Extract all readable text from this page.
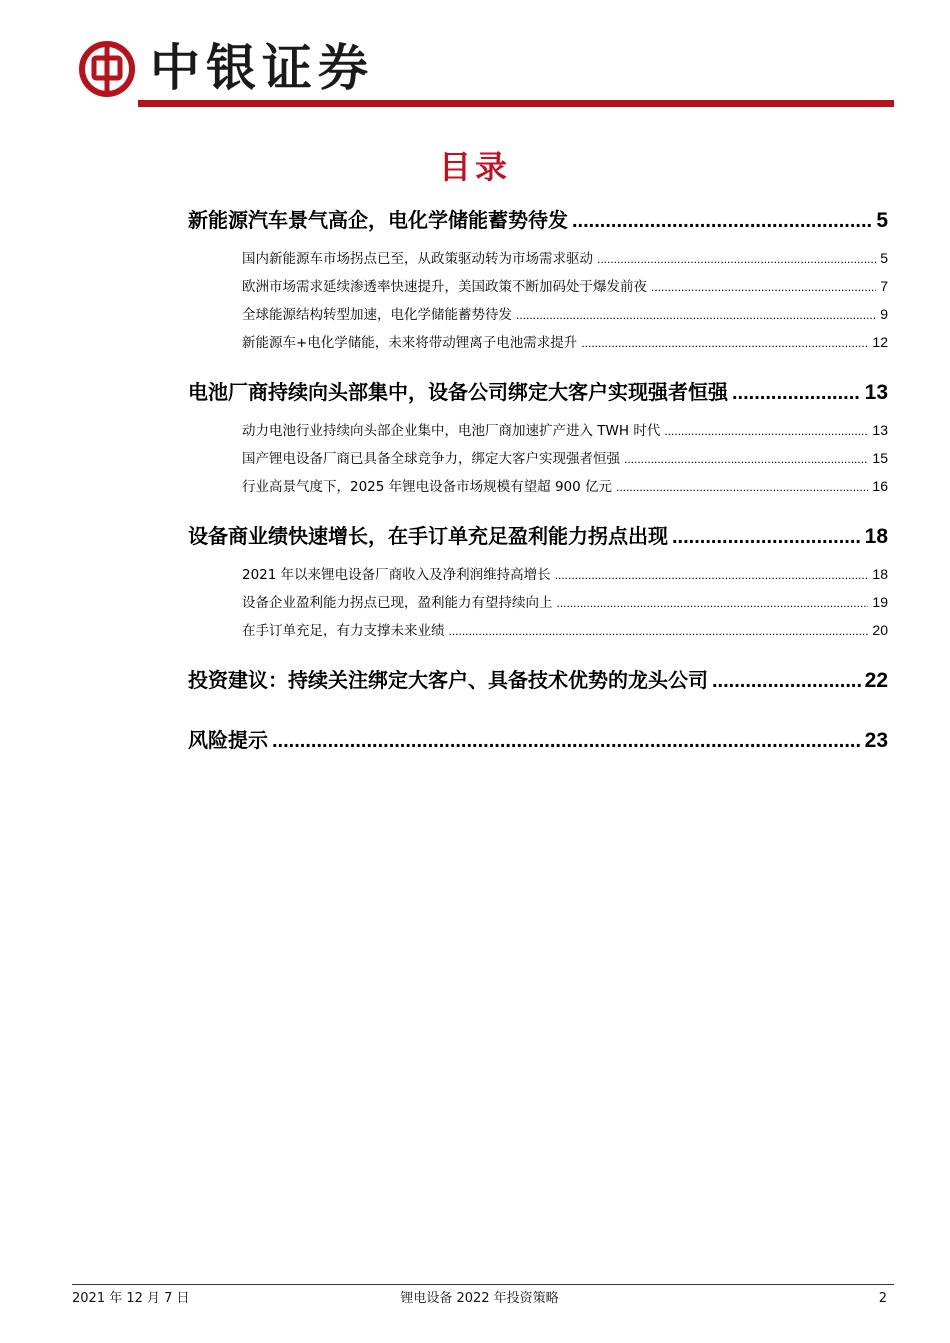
中银证券
目录
新能源汽车景气高企，电化学储能蓄势待发 .....	5
国内新能源车市场拐点已至，从政策驱动转为市场需求驱动 .....	5
欧洲市场需求延续渗透率快速提升，美国政策不断加码处于爆发前夜 .....	7
全球能源结构转型加速，电化学储能蓄势待发 .....	9
新能源车+电化学储能，未来将带动锂离子电池需求提升 .....	12
电池厂商持续向头部集中，设备公司绑定大客户实现强者恒强 .....	13
动力电池行业持续向头部企业集中，电池厂商加速扩产进入 TWH 时代 .....	13
国产锂电设备厂商已具备全球竞争力，绑定大客户实现强者恒强 .....	15
行业高景气度下，2025 年锂电设备市场规模有望超 900 亿元 .....	16
设备商业绩快速增长，在手订单充足盈利能力拐点出现 .....	18
2021 年以来锂电设备厂商收入及净利润维持高增长 .....	18
设备企业盈利能力拐点已现，盈利能力有望持续向上 .....	19
在手订单充足，有力支撑未来业绩 .....	20
投资建议：持续关注绑定大客户、具备技术优势的龙头公司 .....	22
风险提示 .....	23
2021 年 12 月 7 日	锂电设备 2022 年投资策略	2
